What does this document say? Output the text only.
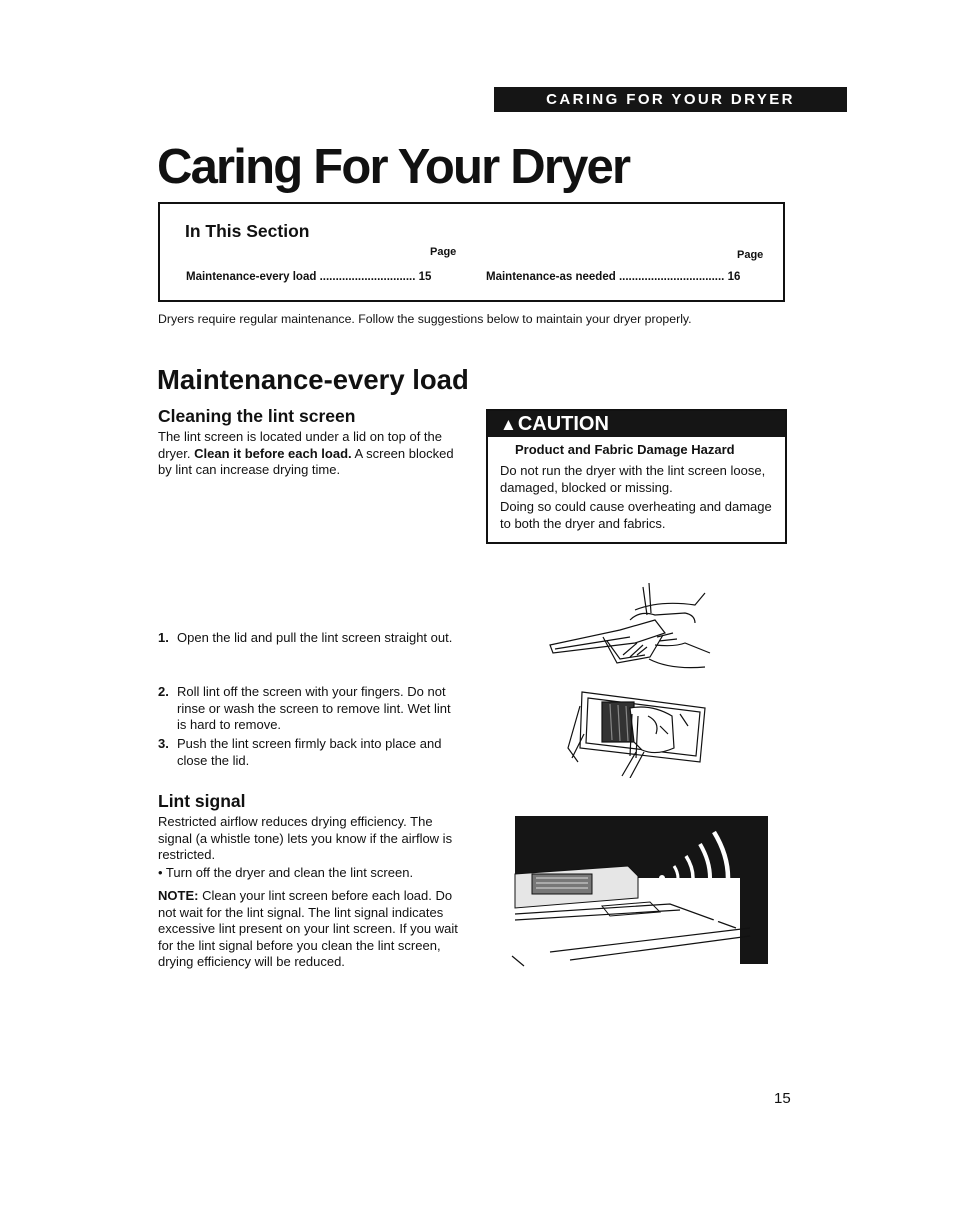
CARING FOR YOUR DRYER
Caring For Your Dryer
In This Section
Page	Page
Maintenance-every load .............................. 15	Maintenance-as needed ................................. 16
Dryers require regular maintenance. Follow the suggestions below to maintain your dryer properly.
Maintenance-every load
Cleaning the lint screen
The lint screen is located under a lid on top of the dryer. Clean it before each load. A screen blocked by lint can increase drying time.
▲CAUTION
Product and Fabric Damage Hazard
Do not run the dryer with the lint screen loose, damaged, blocked or missing.
Doing so could cause overheating and damage to both the dryer and fabrics.
1. Open the lid and pull the lint screen straight out.
2. Roll lint off the screen with your fingers. Do not rinse or wash the screen to remove lint. Wet lint is hard to remove.
3. Push the lint screen firmly back into place and close the lid.
Lint signal
Restricted airflow reduces drying efficiency. The signal (a whistle tone) lets you know if the airflow is restricted.
• Turn off the dryer and clean the lint screen.
NOTE: Clean your lint screen before each load. Do not wait for the lint signal. The lint signal indicates excessive lint present on your lint screen. If you wait for the lint signal before you clean the lint screen, drying efficiency will be reduced.
15
